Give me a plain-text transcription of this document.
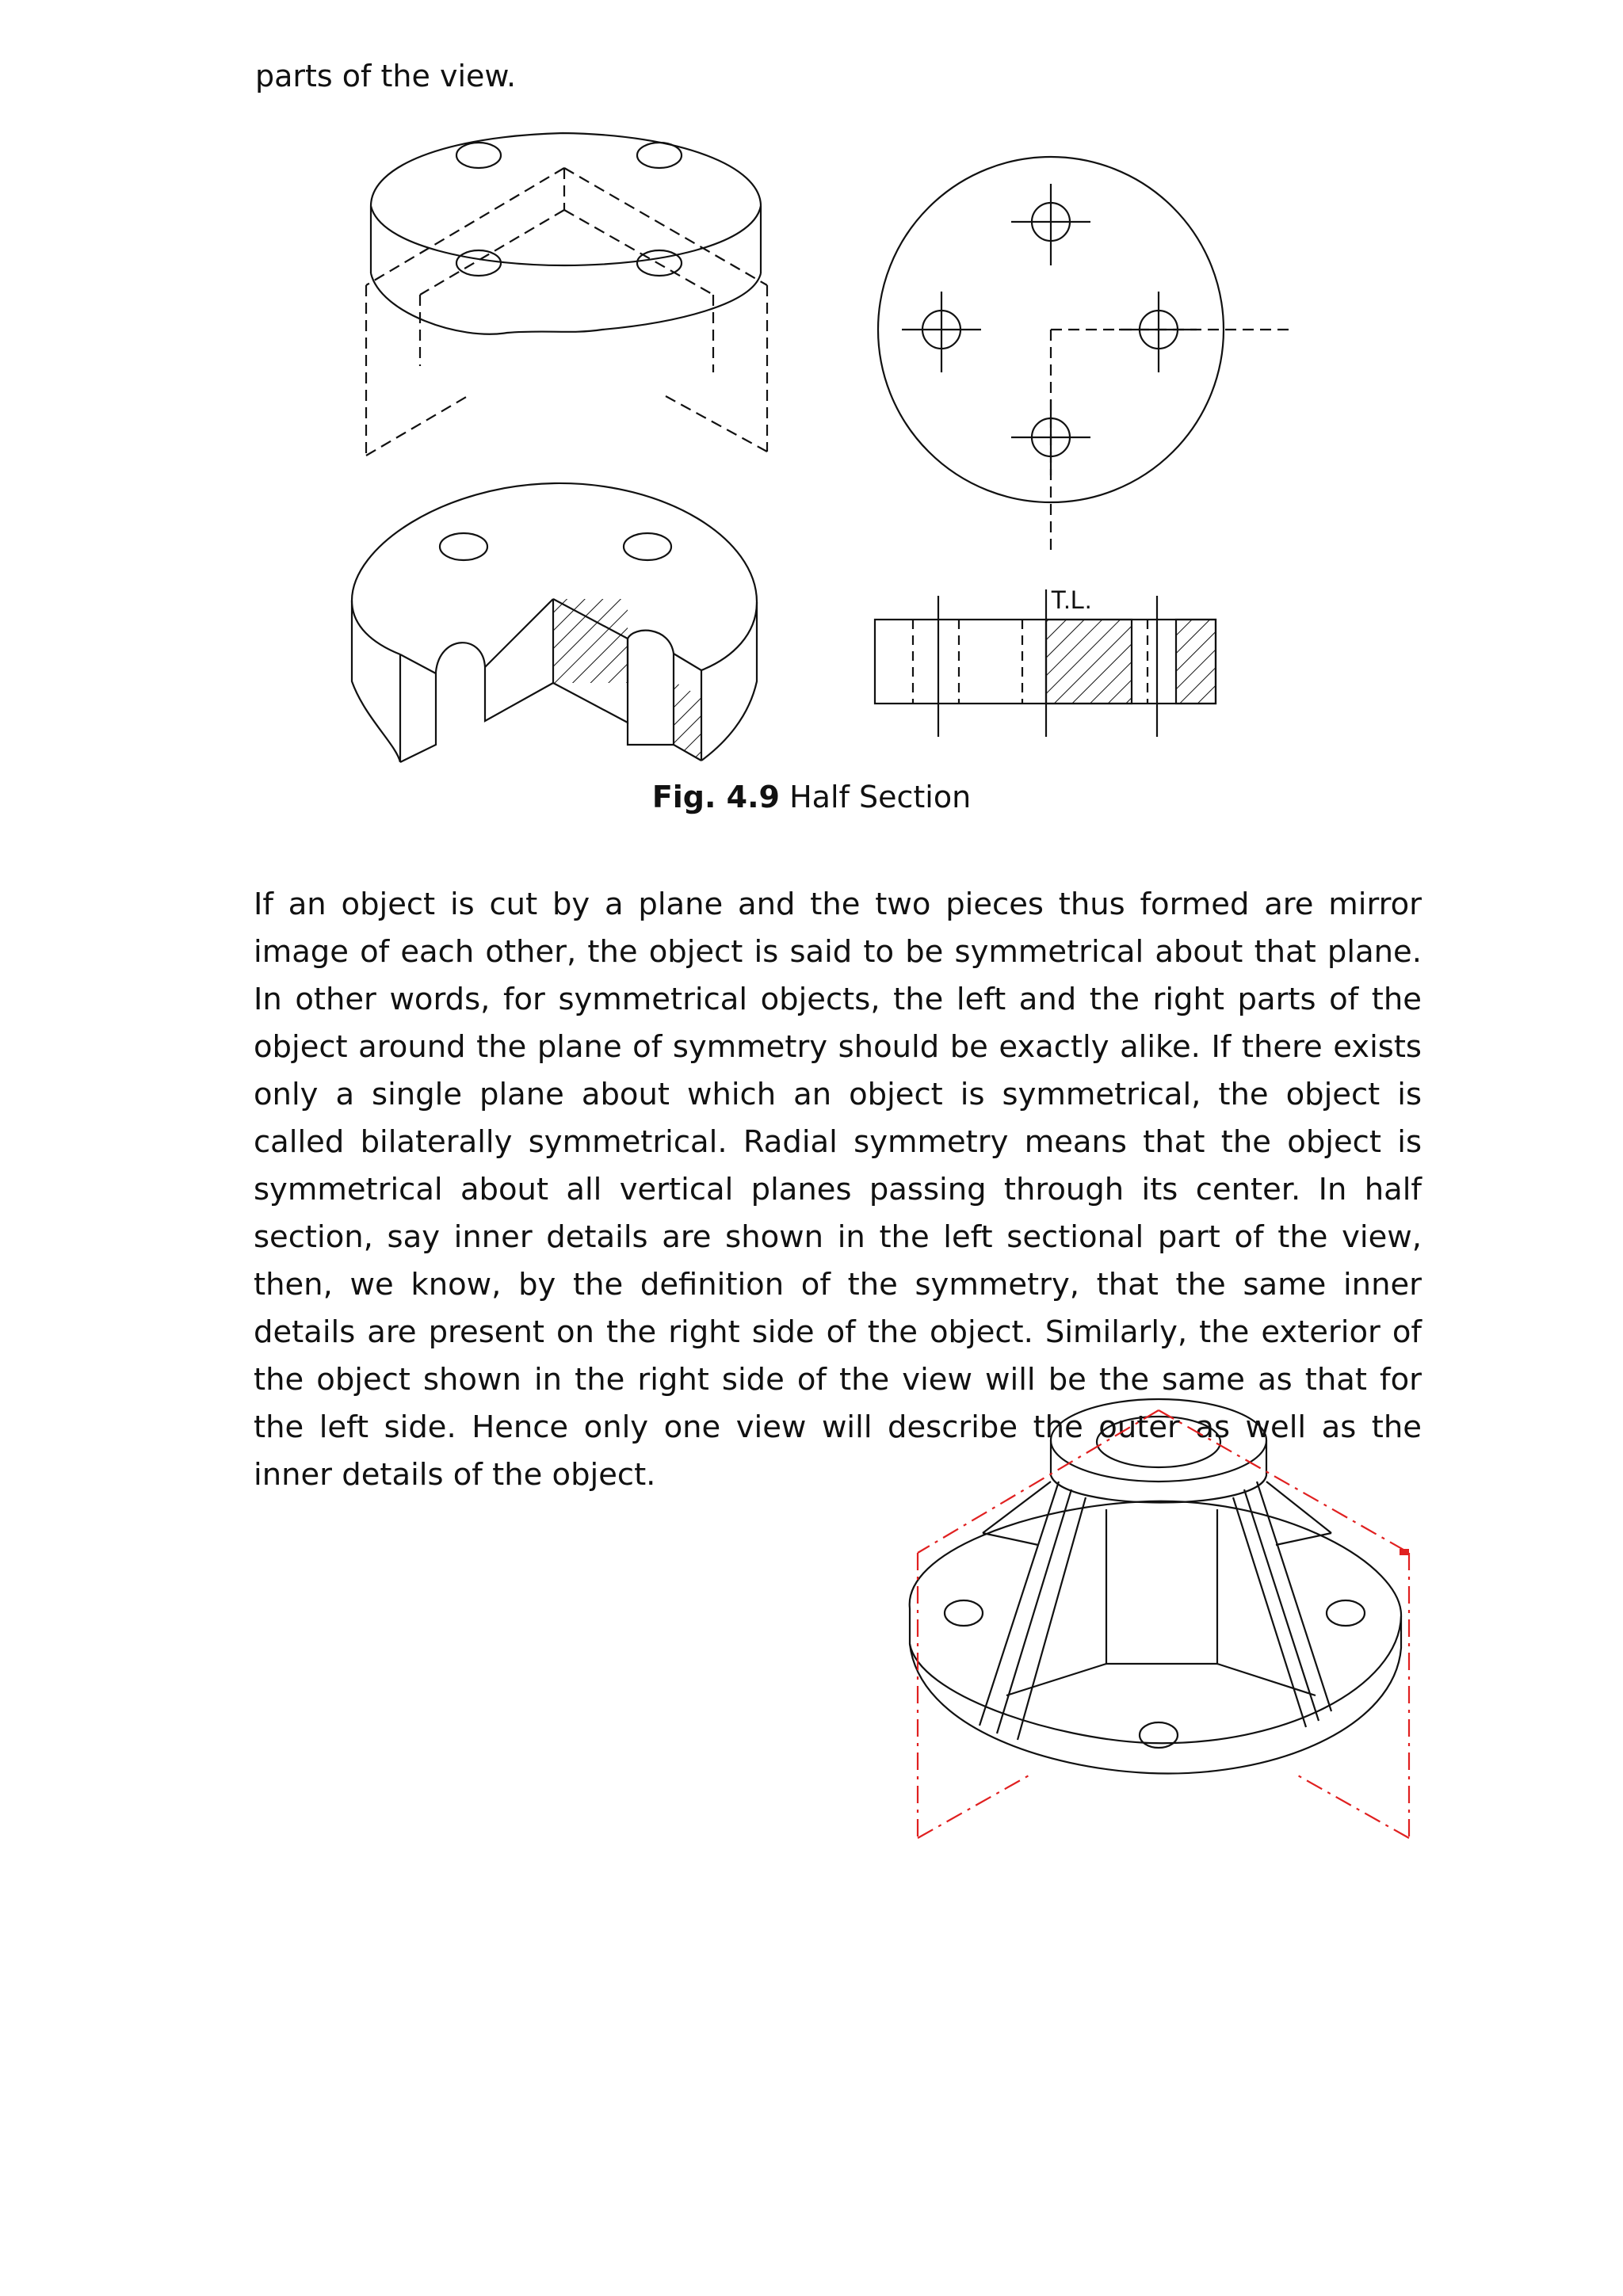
parts of the view.
T.L.
Fig. 4.9 Half Section

If an object is cut by a plane and the two pieces thus formed are mirror image of each other, the object is said to be symmetrical about that plane. In other words, for symmetrical objects, the left and the right parts of the object around the plane of symmetry should be exactly alike. If there exists only a single plane about which an object is symmetrical, the object is called bilaterally symmetrical. Radial symmetry means that the object is symmetrical about all vertical planes passing through its center. In half section, say inner details are shown in the left sectional part of the view, then, we know, by the definition of the symmetry, that the same inner details are present on the right side of the object. Similarly, the exterior of the object shown in the right side of the view will be the same as that for the left side. Hence only one view will describe the outer as well as the inner details of the object.
